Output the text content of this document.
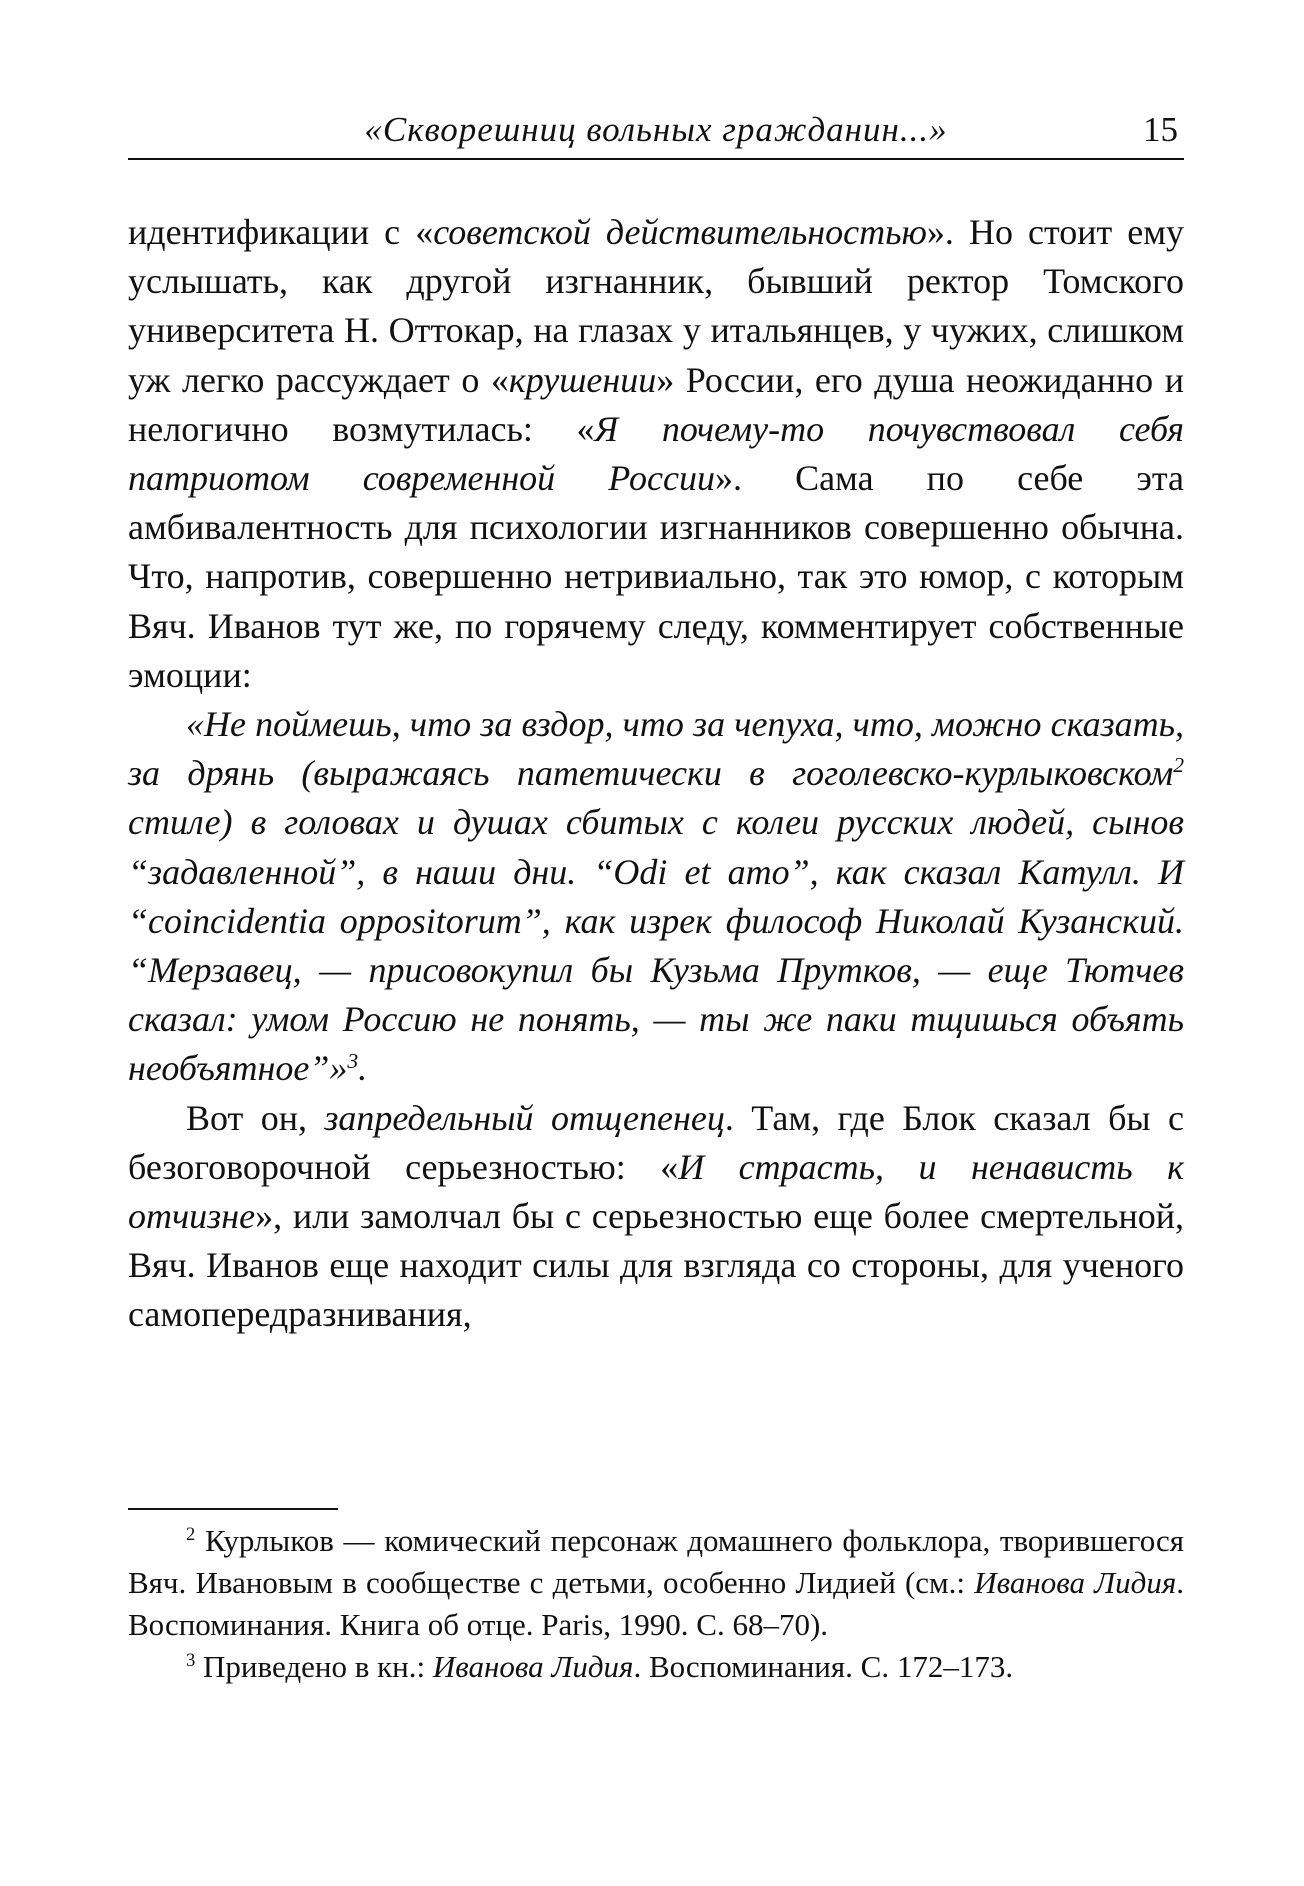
«Скворешниц вольных гражданин...»	15

идентификации с «советской действительностью». Но стоит ему услышать, как другой изгнанник, бывший ректор Томского университета Н. Оттокар, на глазах у итальянцев, у чужих, слишком уж легко рассуждает о «крушении» России, его душа неожиданно и нелогично возмутилась: «Я почему-то почувствовал себя патриотом современной России». Сама по себе эта амбивалентность для психологии изгнанников совершенно обычна. Что, напротив, совершенно нетривиально, так это юмор, с которым Вяч. Иванов тут же, по горячему следу, комментирует собственные эмоции:

«Не поймешь, что за вздор, что за чепуха, что, можно сказать, за дрянь (выражаясь патетически в гоголевско-курлыковском$^2$ стиле) в головах и душах сбитых с колеи русских людей, сынов “задавленной”, в наши дни. “Odi et amo”, как сказал Катулл. И “coincidentia oppositorum”, как изрек философ Николай Кузанский. “Мерзавец, — присовокупил бы Кузьма Прутков, — еще Тютчев сказал: умом Россию не понять, — ты же паки тщишься объять необъятное”»$^3$.

Вот он, запредельный отщепенец. Там, где Блок сказал бы с безоговорочной серьезностью: «И страсть, и ненависть к отчизне», или замолчал бы с серьезностью еще более смертельной, Вяч. Иванов еще находит силы для взгляда со стороны, для ученого самопередразнивания,

$^2$ Курлыков — комический персонаж домашнего фольклора, творившегося Вяч. Ивановым в сообществе с детьми, особенно Лидией (см.: Иванова Лидия. Воспоминания. Книга об отце. Paris, 1990. С. 68–70).

$^3$ Приведено в кн.: Иванова Лидия. Воспоминания. С. 172–173.
